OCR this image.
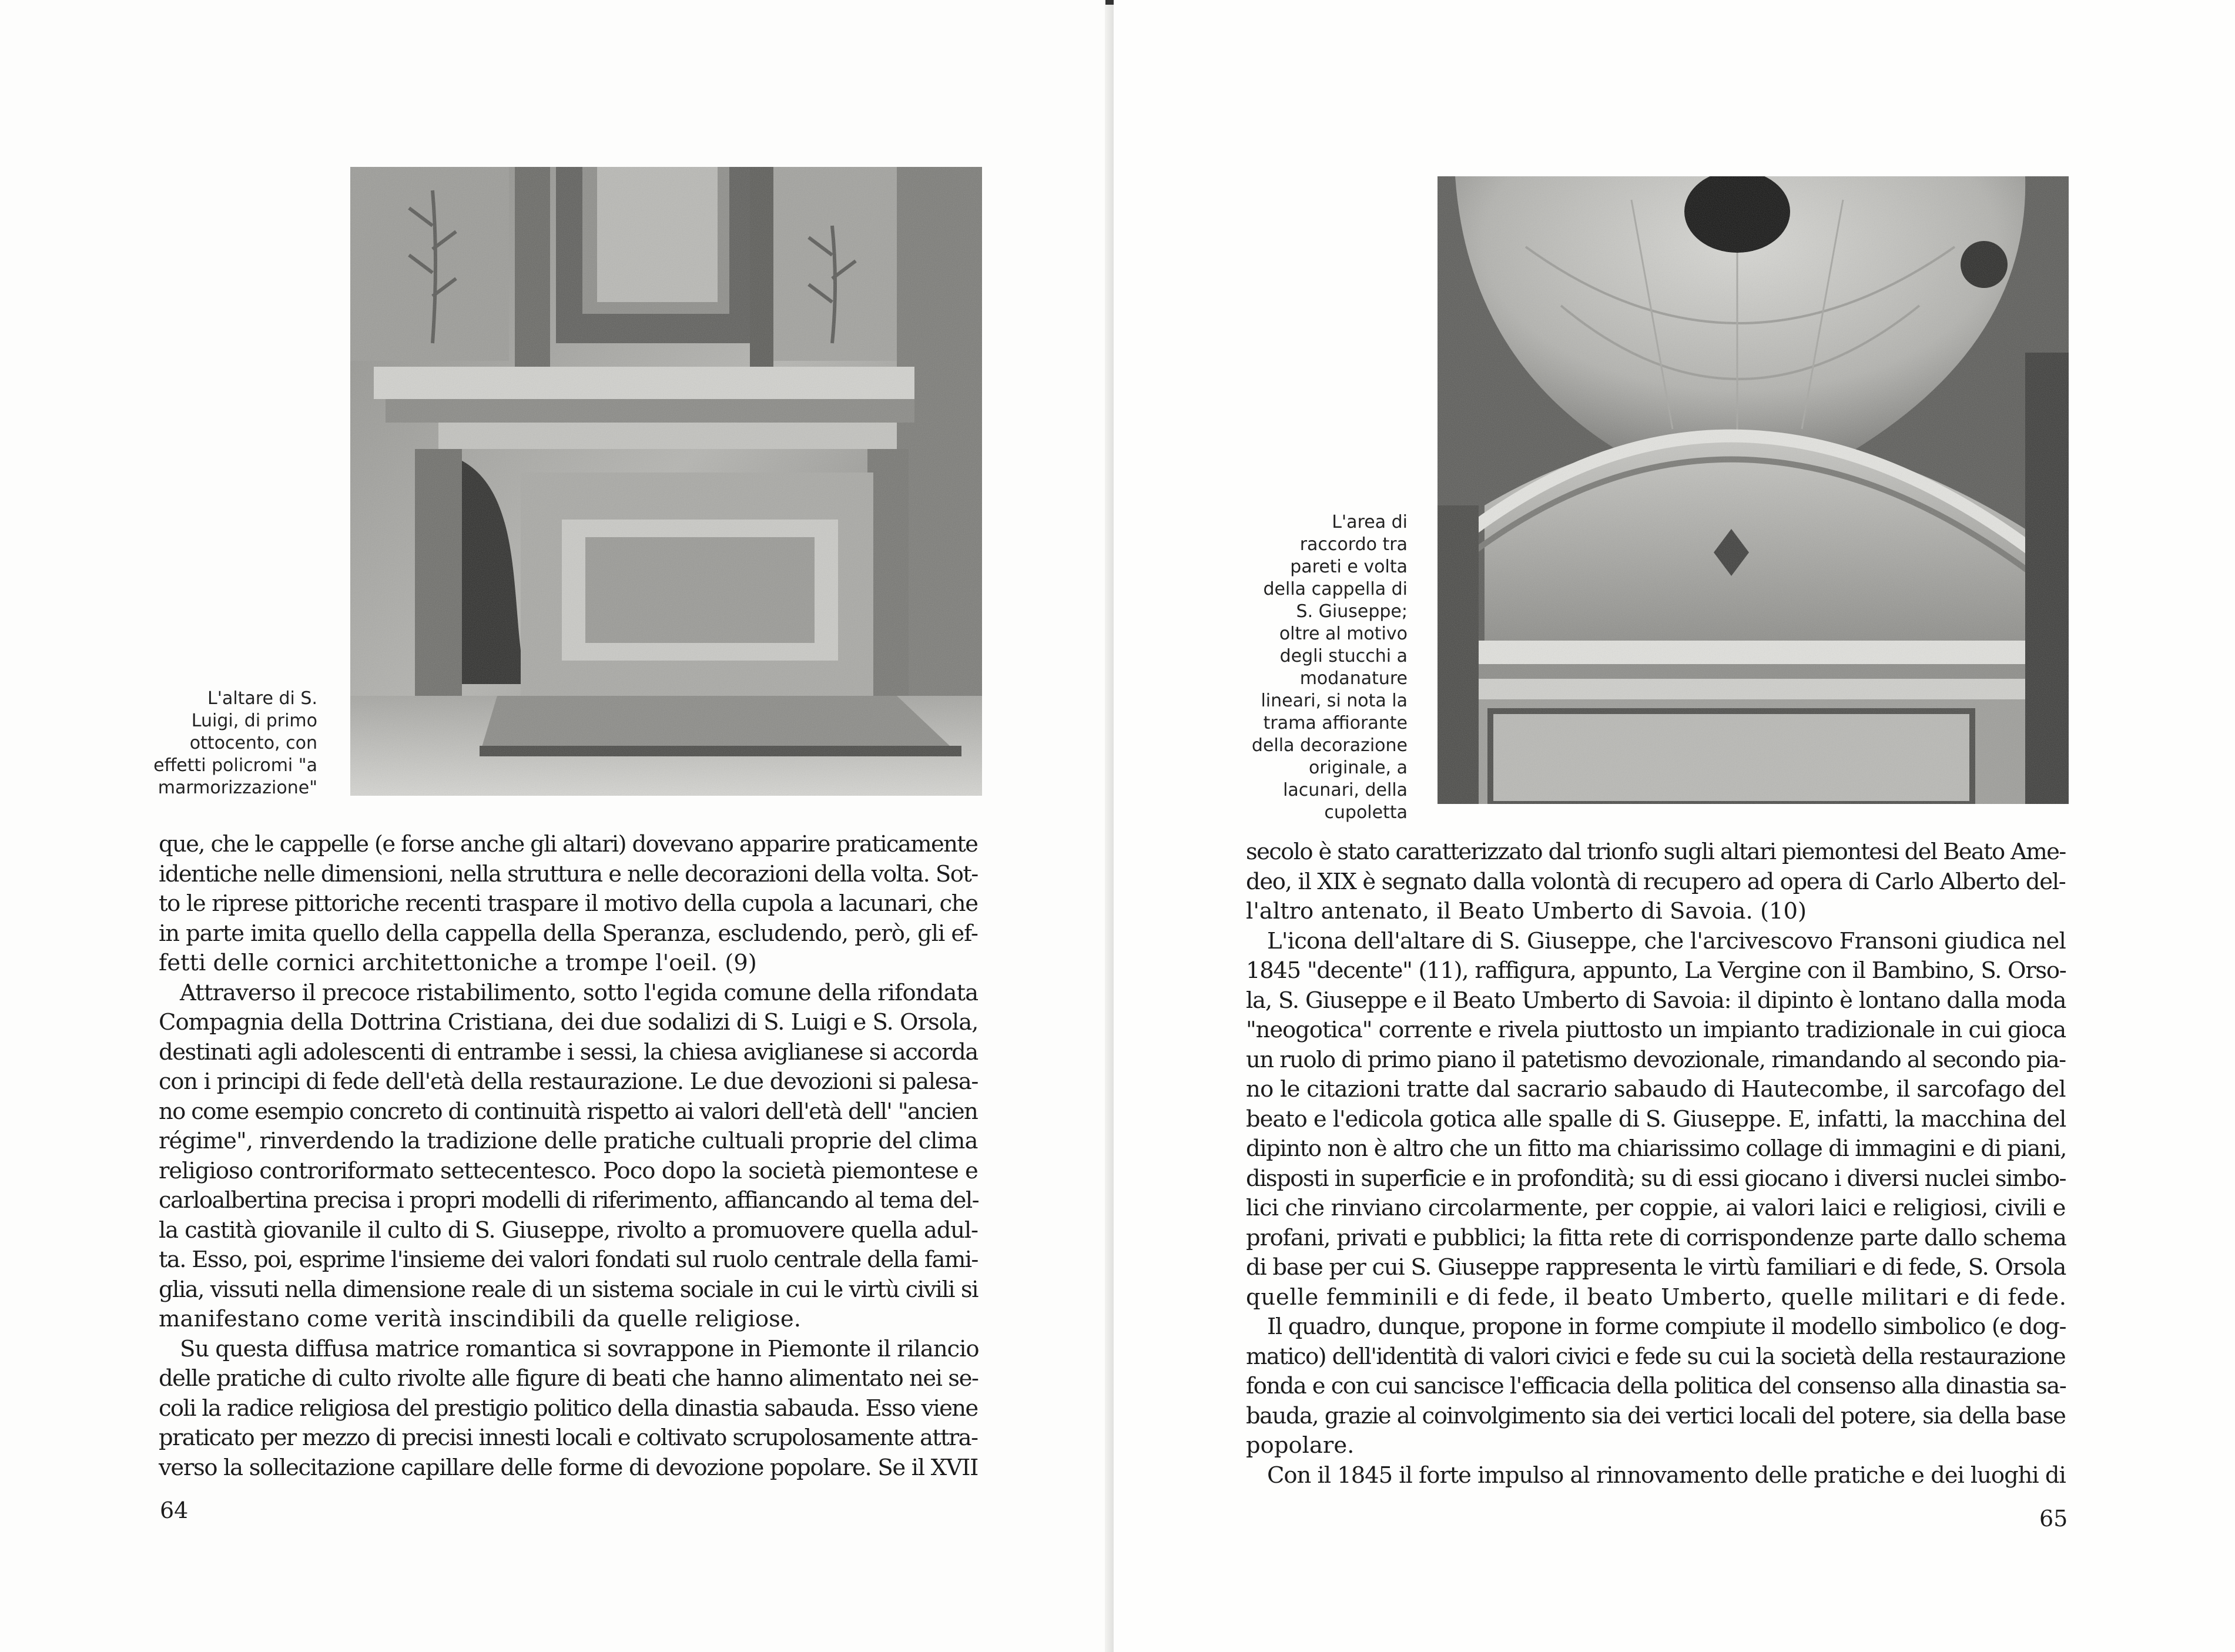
L'altare di S.
Luigi, di primo
ottocento, con
effetti policromi "a
marmorizzazione"
que, che le cappelle (e forse anche gli altari) dovevano apparire praticamente
identiche nelle dimensioni, nella struttura e nelle decorazioni della volta. Sot-
to le riprese pittoriche recenti traspare il motivo della cupola a lacunari, che
in parte imita quello della cappella della Speranza, escludendo, però, gli ef-
fetti delle cornici architettoniche a trompe l'oeil. (9)
Attraverso il precoce ristabilimento, sotto l'egida comune della rifondata
Compagnia della Dottrina Cristiana, dei due sodalizi di S. Luigi e S. Orsola,
destinati agli adolescenti di entrambe i sessi, la chiesa aviglianese si accorda
con i principi di fede dell'età della restaurazione. Le due devozioni si palesa-
no come esempio concreto di continuità rispetto ai valori dell'età dell' "ancien
régime", rinverdendo la tradizione delle pratiche cultuali proprie del clima
religioso controriformato settecentesco. Poco dopo la società piemontese e
carloalbertina precisa i propri modelli di riferimento, affiancando al tema del-
la castità giovanile il culto di S. Giuseppe, rivolto a promuovere quella adul-
ta. Esso, poi, esprime l'insieme dei valori fondati sul ruolo centrale della fami-
glia, vissuti nella dimensione reale di un sistema sociale in cui le virtù civili si
manifestano come verità inscindibili da quelle religiose.
Su questa diffusa matrice romantica si sovrappone in Piemonte il rilancio
delle pratiche di culto rivolte alle figure di beati che hanno alimentato nei se-
coli la radice religiosa del prestigio politico della dinastia sabauda. Esso viene
praticato per mezzo di precisi innesti locali e coltivato scrupolosamente attra-
verso la sollecitazione capillare delle forme di devozione popolare. Se il XVII
64
L'area di
raccordo tra
pareti e volta
della cappella di
S. Giuseppe;
oltre al motivo
degli stucchi a
modanature
lineari, si nota la
trama affiorante
della decorazione
originale, a
lacunari, della
cupoletta
secolo è stato caratterizzato dal trionfo sugli altari piemontesi del Beato Ame-
deo, il XIX è segnato dalla volontà di recupero ad opera di Carlo Alberto del-
l'altro antenato, il Beato Umberto di Savoia. (10)
L'icona dell'altare di S. Giuseppe, che l'arcivescovo Fransoni giudica nel
1845 "decente" (11), raffigura, appunto, La Vergine con il Bambino, S. Orso-
la, S. Giuseppe e il Beato Umberto di Savoia: il dipinto è lontano dalla moda
"neogotica" corrente e rivela piuttosto un impianto tradizionale in cui gioca
un ruolo di primo piano il patetismo devozionale, rimandando al secondo pia-
no le citazioni tratte dal sacrario sabaudo di Hautecombe, il sarcofago del
beato e l'edicola gotica alle spalle di S. Giuseppe. E, infatti, la macchina del
dipinto non è altro che un fitto ma chiarissimo collage di immagini e di piani,
disposti in superficie e in profondità; su di essi giocano i diversi nuclei simbo-
lici che rinviano circolarmente, per coppie, ai valori laici e religiosi, civili e
profani, privati e pubblici; la fitta rete di corrispondenze parte dallo schema
di base per cui S. Giuseppe rappresenta le virtù familiari e di fede, S. Orsola
quelle femminili e di fede, il beato Umberto, quelle militari e di fede.
Il quadro, dunque, propone in forme compiute il modello simbolico (e dog-
matico) dell'identità di valori civici e fede su cui la società della restaurazione
fonda e con cui sancisce l'efficacia della politica del consenso alla dinastia sa-
bauda, grazie al coinvolgimento sia dei vertici locali del potere, sia della base
popolare.
Con il 1845 il forte impulso al rinnovamento delle pratiche e dei luoghi di
65
